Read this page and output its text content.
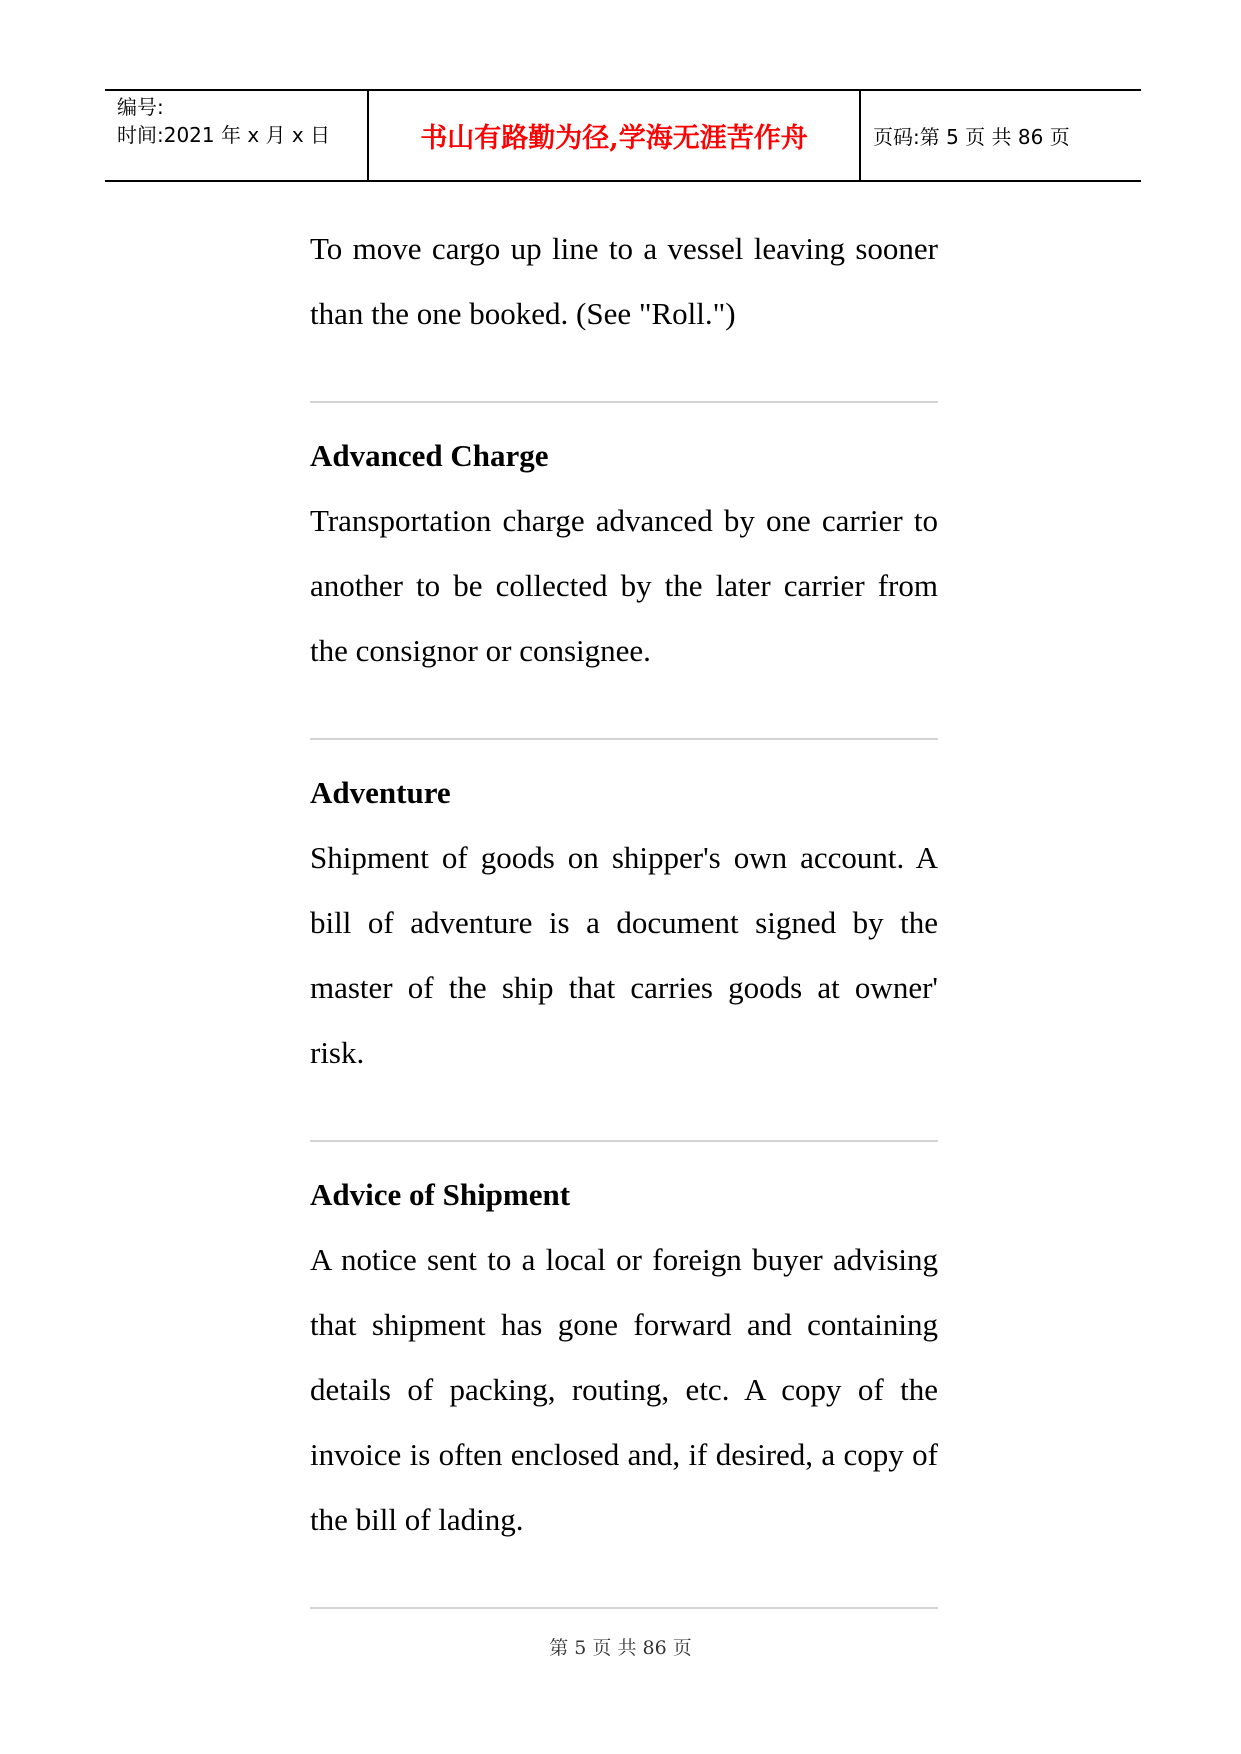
编号:
时间:2021 年 x 月 x 日	书山有路勤为径,学海无涯苦作舟	页码:第 5 页 共 86 页

To move cargo up line to a vessel leaving sooner than the one booked. (See "Roll.")

Advanced Charge

Transportation charge advanced by one carrier to another to be collected by the later carrier from the consignor or consignee.

Adventure

Shipment of goods on shipper's own account. A bill of adventure is a document signed by the master of the ship that carries goods at owner' risk.

Advice of Shipment

A notice sent to a local or foreign buyer advising that shipment has gone forward and containing details of packing, routing, etc. A copy of the invoice is often enclosed and, if desired, a copy of the bill of lading.

第 5 页 共 86 页
